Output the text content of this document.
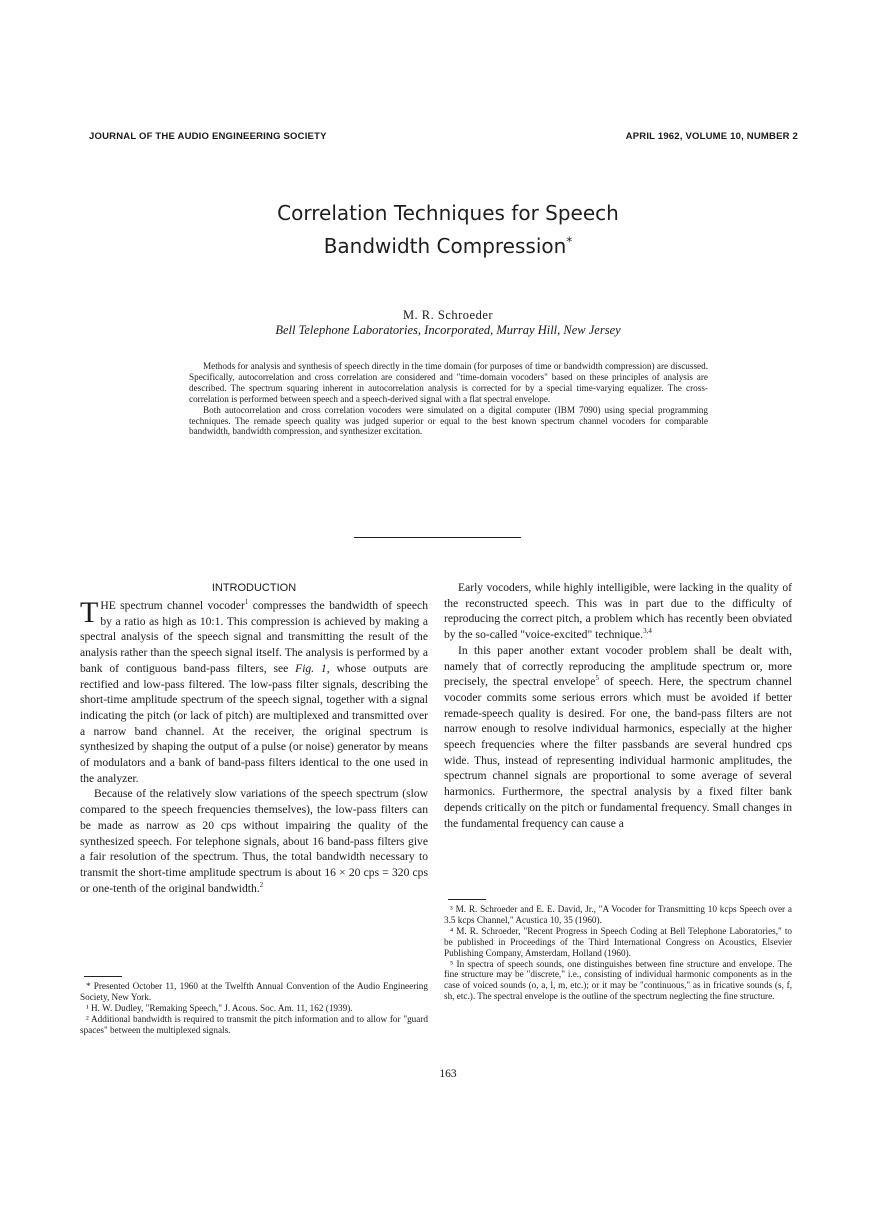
JOURNAL OF THE AUDIO ENGINEERING SOCIETY	APRIL 1962, VOLUME 10, NUMBER 2
Correlation Techniques for Speech
Bandwidth Compression*
M. R. Schroeder
Bell Telephone Laboratories, Incorporated, Murray Hill, New Jersey

Methods for analysis and synthesis of speech directly in the time domain (for purposes of time or bandwidth compression) are discussed. Specifically, autocorrelation and cross correlation are considered and "time-domain vocoders" based on these principles of analysis are described. The spectrum squaring inherent in autocorrelation analysis is corrected for by a special time-varying equalizer. The cross-correlation is performed between speech and a speech-derived signal with a flat spectral envelope.

Both autocorrelation and cross correlation vocoders were simulated on a digital computer (IBM 7090) using special programming techniques. The remade speech quality was judged superior or equal to the best known spectrum channel vocoders for comparable bandwidth, bandwidth compression, and synthesizer excitation.

INTRODUCTION

THE spectrum channel vocoder$^1$ compresses the bandwidth of speech by a ratio as high as 10:1. This compression is achieved by making a spectral analysis of the speech signal and transmitting the result of the analysis rather than the speech signal itself. The analysis is performed by a bank of contiguous band-pass filters, see Fig. 1, whose outputs are rectified and low-pass filtered. The low-pass filter signals, describing the short-time amplitude spectrum of the speech signal, together with a signal indicating the pitch (or lack of pitch) are multiplexed and transmitted over a narrow band channel. At the receiver, the original spectrum is synthesized by shaping the output of a pulse (or noise) generator by means of modulators and a bank of band-pass filters identical to the one used in the analyzer.

Because of the relatively slow variations of the speech spectrum (slow compared to the speech frequencies themselves), the low-pass filters can be made as narrow as 20 cps without impairing the quality of the synthesized speech. For telephone signals, about 16 band-pass filters give a fair resolution of the spectrum. Thus, the total bandwidth necessary to transmit the short-time amplitude spectrum is about 16 × 20 cps = 320 cps or one-tenth of the original bandwidth.$^2$

Early vocoders, while highly intelligible, were lacking in the quality of the reconstructed speech. This was in part due to the difficulty of reproducing the correct pitch, a problem which has recently been obviated by the so-called "voice-excited" technique.$^{3,4}$

In this paper another extant vocoder problem shall be dealt with, namely that of correctly reproducing the amplitude spectrum or, more precisely, the spectral envelope$^5$ of speech. Here, the spectrum channel vocoder commits some serious errors which must be avoided if better remade-speech quality is desired. For one, the band-pass filters are not narrow enough to resolve individual harmonics, especially at the higher speech frequencies where the filter passbands are several hundred cps wide. Thus, instead of representing individual harmonic amplitudes, the spectrum channel signals are proportional to some average of several harmonics. Furthermore, the spectral analysis by a fixed filter bank depends critically on the pitch or fundamental frequency. Small changes in the fundamental frequency can cause a

* Presented October 11, 1960 at the Twelfth Annual Convention of the Audio Engineering Society, New York.

¹ H. W. Dudley, "Remaking Speech," J. Acous. Soc. Am. 11, 162 (1939).

² Additional bandwidth is required to transmit the pitch information and to allow for "guard spaces" between the multiplexed signals.

³ M. R. Schroeder and E. E. David, Jr., "A Vocoder for Transmitting 10 kcps Speech over a 3.5 kcps Channel," Acustica 10, 35 (1960).

⁴ M. R. Schroeder, "Recent Progress in Speech Coding at Bell Telephone Laboratories," to be published in Proceedings of the Third International Congress on Acoustics, Elsevier Publishing Company, Amsterdam, Holland (1960).

⁵ In spectra of speech sounds, one distinguishes between fine structure and envelope. The fine structure may be "discrete," i.e., consisting of individual harmonic components as in the case of voiced sounds (o, a, l, m, etc.); or it may be "continuous," as in fricative sounds (s, f, sh, etc.). The spectral envelope is the outline of the spectrum neglecting the fine structure.

163
